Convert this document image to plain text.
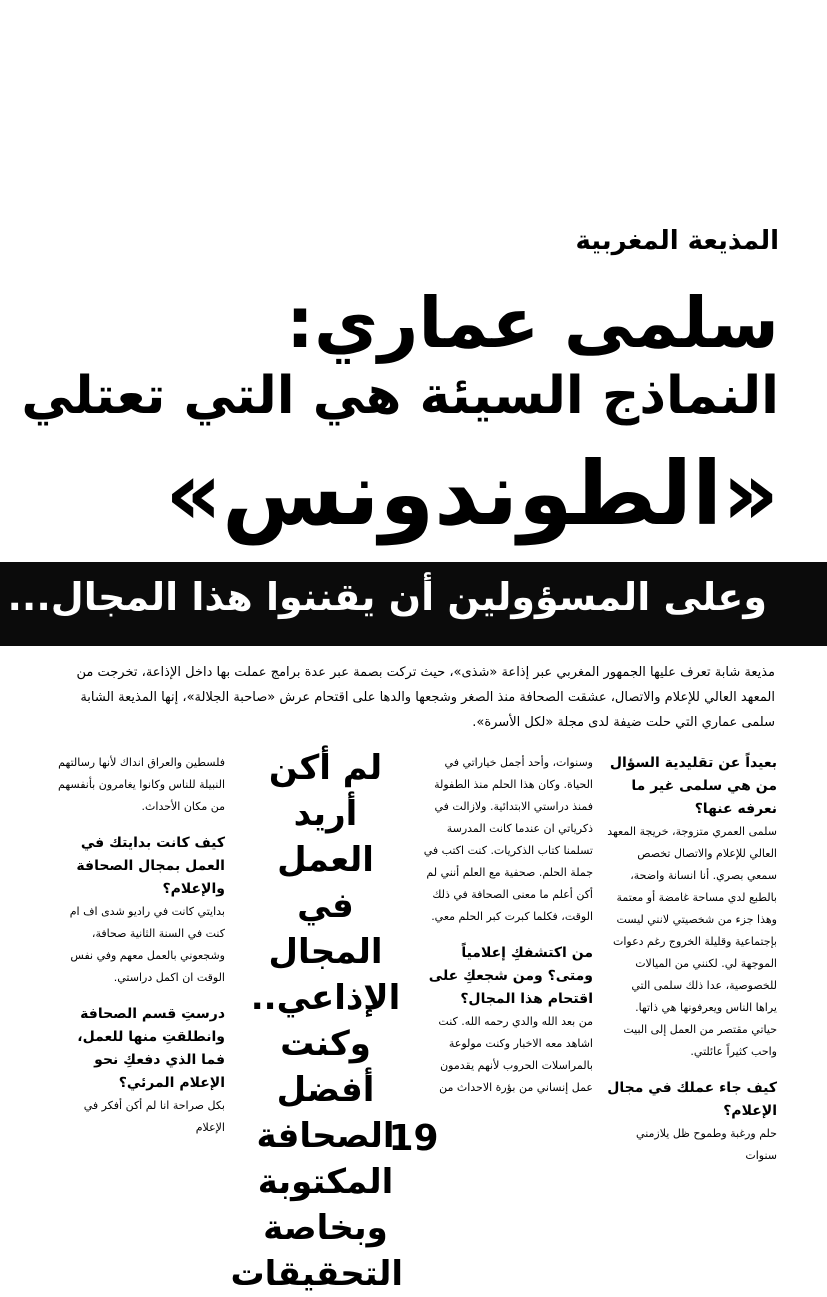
المذيعة المغربية
سلمى عماري:
النماذج السيئة هي التي تعتلي
«الطوندونس»
وعلى المسؤولين أن يقننوا هذا المجال...
مذيعة شابة تعرف عليها الجمهور المغربي عبر إذاعة «شذى»، حيث تركت بصمة عبر عدة برامج عملت بها داخل الإذاعة، تخرجت من المعهد العالي للإعلام والاتصال، عشقت الصحافة منذ الصغر وشجعها والدها على اقتحام عرش «صاحبة الجلالة»، إنها المذيعة الشابة سلمى عماري التي حلت ضيفة لدى مجلة «لكل الأسرة».
بعيداً عن تقليدية السؤال من هي سلمى غير ما نعرفه عنها؟

سلمى العمري متزوجة، خريجة المعهد العالي للإعلام والاتصال تخصص سمعي بصري. أنا انسانة واضحة، بالطبع لدي مساحة غامضة أو معتمة وهذا جزء من شخصيتي لانني ليست بإجتماعية وقليلة الخروج رغم دعوات الموجهة لي. لكنني من الميالات للخصوصية، عدا ذلك سلمى التي يراها الناس ويعرفونها هي ذاتها. حياتي مقتصر من العمل إلى البيت واحب كثيراً عائلتي.

كيف جاء عملك في مجال الإعلام؟

حلم ورغبة وطموح ظل يلازمني سنوات

وسنوات، وأحد أجمل خياراتي في الحياة. وكان هذا الحلم منذ الطفولة فمنذ دراستي الابتدائية. ولازالت في ذكرياتي ان عندما كانت المدرسة تسلمنا كتاب الذكريات. كنت اكتب في جملة الحلم. صحفية مع العلم أنني لم أكن أعلم ما معنى الصحافة في ذلك الوقت، فكلما كبرت كبر الحلم معي.

من اكتشفكِ إعلامياً ومتى؟ ومن شجعكِ على اقتحام هذا المجال؟

من بعد الله والدي رحمه الله. كنت اشاهد معه الاخبار وكنت مولوعة بالمراسلات الحروب لأنهم يقدمون عمل إنساني من بؤرة الاحداث من

لم أكن أريد العمل في المجال الإذاعي.. وكنت أفضل الصحافة المكتوبة وبخاصة التحقيقات

فلسطين والعراق انداك لأنها رسالتهم النبيلة للناس وكانوا يغامرون بأنفسهم من مكان الأحداث.

كيف كانت بدايتك في العمل بمجال الصحافة والإعلام؟

بدايتي كانت في راديو شدى اف ام كنت في السنة الثانية صحافة، وشجعوني بالعمل معهم وفي نفس الوقت ان اكمل دراستي.

درستِ قسم الصحافة وانطلقتِ منها للعمل، فما الذي دفعكِ نحو الإعلام المرئي؟

بكل صراحة انا لم أكن أفكر في الإعلام	19
